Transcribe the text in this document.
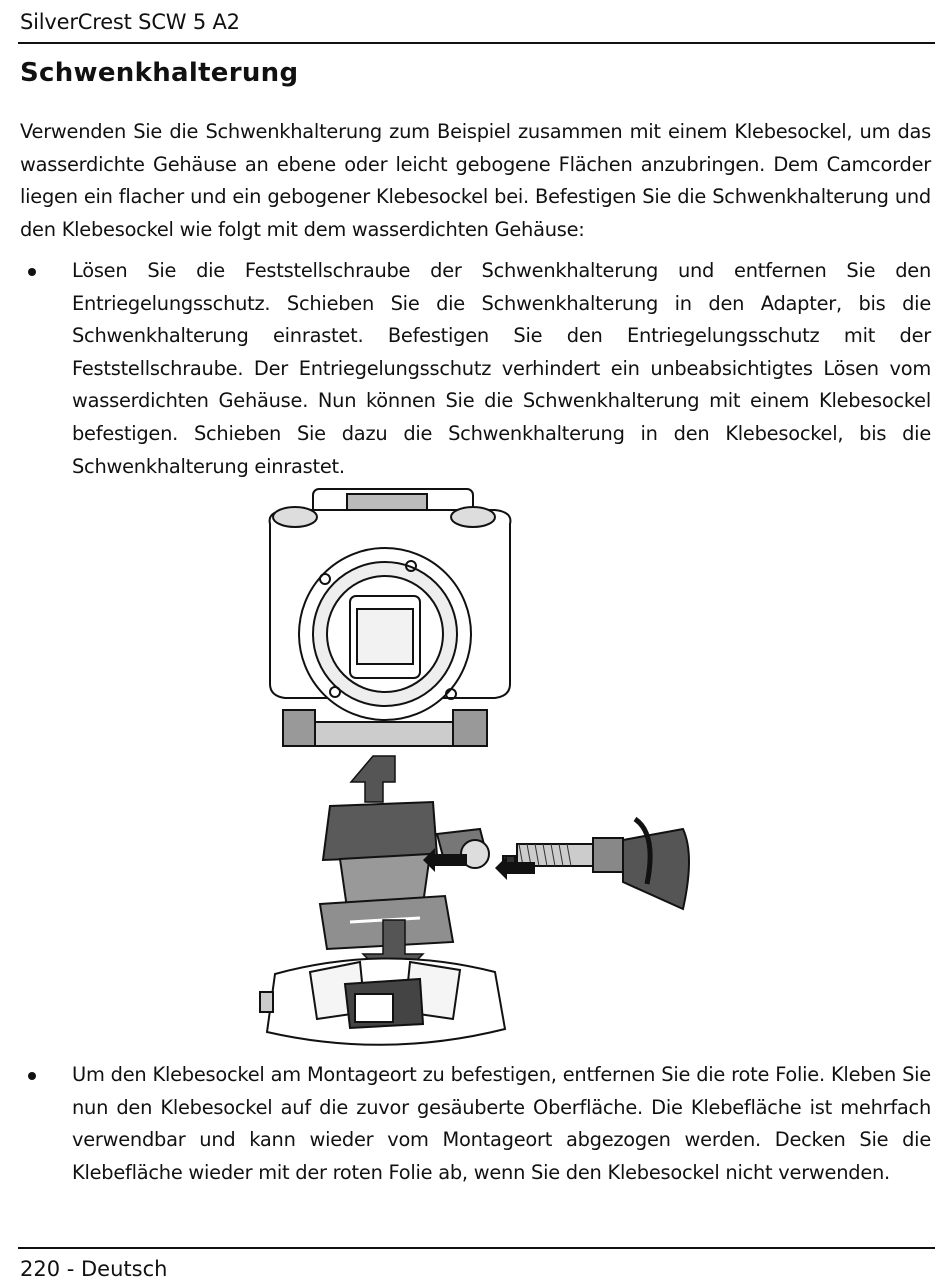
SilverCrest SCW 5 A2
Schwenkhalterung

Verwenden Sie die Schwenkhalterung zum Beispiel zusammen mit einem Klebesockel, um das wasserdichte Gehäuse an ebene oder leicht gebogene Flächen anzubringen. Dem Camcorder liegen ein flacher und ein gebogener Klebesockel bei. Befestigen Sie die Schwenkhalterung und den Klebesockel wie folgt mit dem wasserdichten Gehäuse:

Lösen Sie die Feststellschraube der Schwenkhalterung und entfernen Sie den Entriegelungsschutz. Schieben Sie die Schwenkhalterung in den Adapter, bis die Schwenkhalterung einrastet. Befestigen Sie den Entriegelungsschutz mit der Feststellschraube. Der Entriegelungsschutz verhindert ein unbeabsichtigtes Lösen vom wasserdichten Gehäuse. Nun können Sie die Schwenkhalterung mit einem Klebesockel befestigen. Schieben Sie dazu die Schwenkhalterung in den Klebesockel, bis die Schwenkhalterung einrastet.

Um den Klebesockel am Montageort zu befestigen, entfernen Sie die rote Folie. Kleben Sie nun den Klebesockel auf die zuvor gesäuberte Oberfläche. Die Klebefläche ist mehrfach verwendbar und kann wieder vom Montageort abgezogen werden. Decken Sie die Klebefläche wieder mit der roten Folie ab, wenn Sie den Klebesockel nicht verwenden.

220 - Deutsch
